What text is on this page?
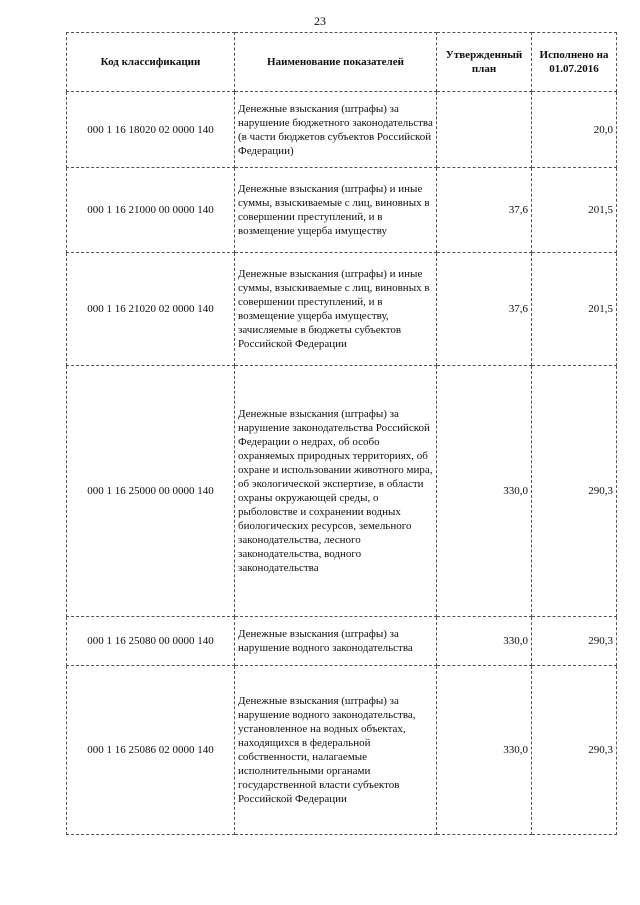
23
Код классификации	Наименование показателей	Утвержденный план	Исполнено на 01.07.2016
000 1 16 18020 02 0000 140	Денежные взыскания (штрафы) за нарушение бюджетного законодательства (в части бюджетов субъектов Российской Федерации)		20,0
000 1 16 21000 00 0000 140	Денежные взыскания (штрафы) и иные суммы, взыскиваемые с лиц, виновных в совершении преступлений, и в возмещение ущерба имуществу	37,6	201,5
000 1 16 21020 02 0000 140	Денежные взыскания (штрафы) и иные суммы, взыскиваемые с лиц, виновных в совершении преступлений, и в возмещение ущерба имуществу, зачисляемые в бюджеты субъектов Российской Федерации	37,6	201,5
000 1 16 25000 00 0000 140	Денежные взыскания (штрафы) за нарушение законодательства Российской Федерации о недрах, об особо охраняемых природных территориях, об охране и использовании животного мира, об экологической экспертизе, в области охраны окружающей среды, о рыболовстве и сохранении водных биологических ресурсов, земельного законодательства, лесного законодательства, водного законодательства	330,0	290,3
000 1 16 25080 00 0000 140	Денежные взыскания (штрафы) за нарушение водного законодательства	330,0	290,3
000 1 16 25086 02 0000 140	Денежные взыскания (штрафы) за нарушение водного законодательства, установленное на водных объектах, находящихся в федеральной собственности, налагаемые исполнительными органами государственной власти субъектов Российской Федерации	330,0	290,3
